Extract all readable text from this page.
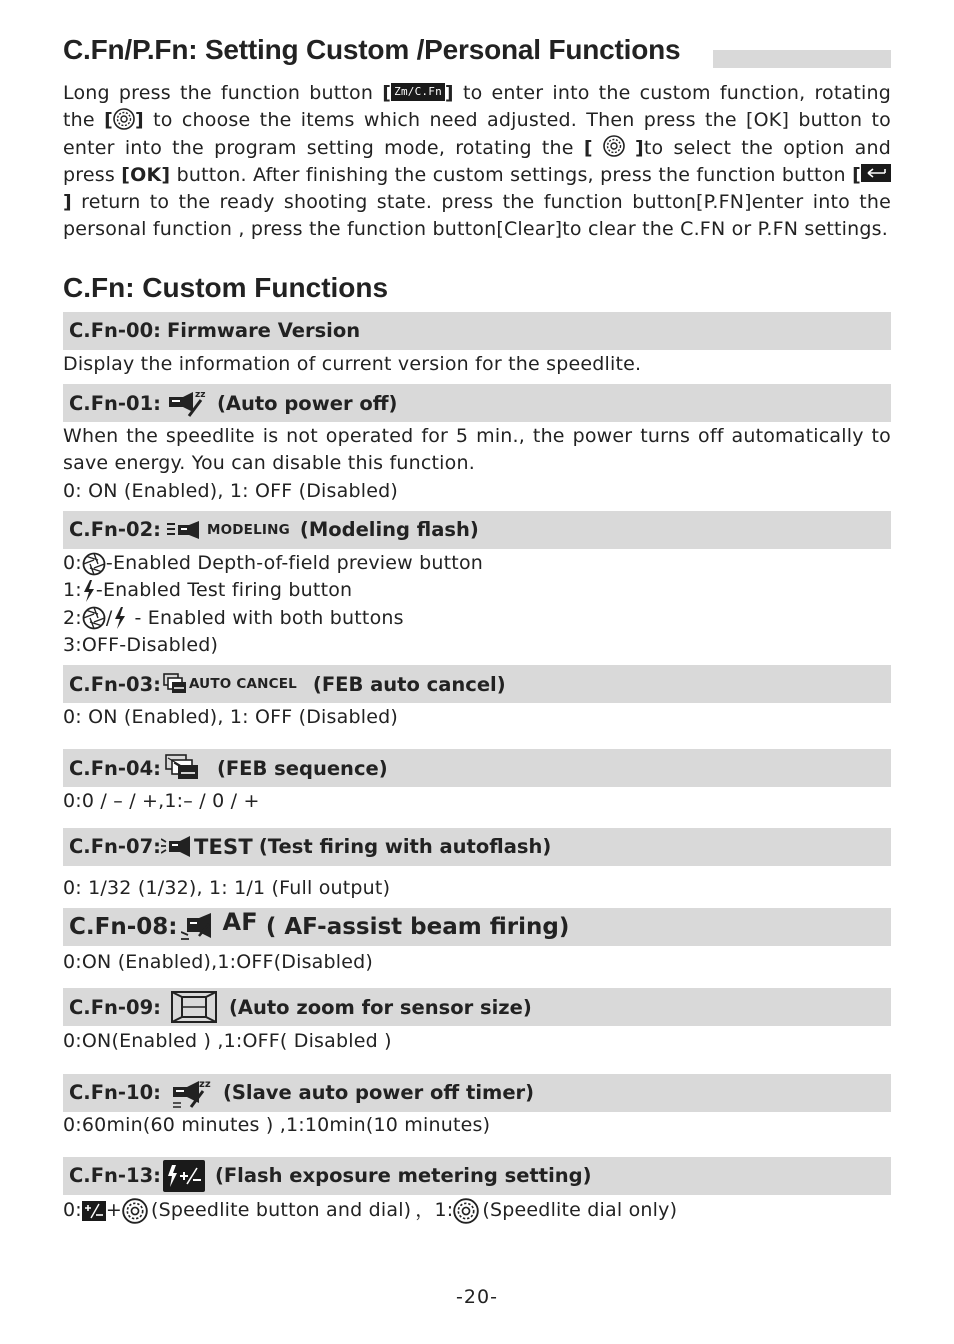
C.Fn/P.Fn: Setting Custom /Personal Functions
Long press the function button [ Zm/C.Fn ] to enter into the custom function, rotating the [ ] to choose the items which need adjusted. Then press the [OK] button to enter into the program setting mode, rotating the [ ]to select the option and press [OK] button. After finishing the custom settings, press the function button [] return to the ready shooting state. press the function button[P.FN]enter into the personal function , press the function button[Clear]to clear the C.FN or P.FN settings.
C.Fn: Custom Functions
C.Fn-00: Firmware Version

Display the information of current version for the speedlite.

C.Fn-01:	zz (Auto power off)

When the speedlite is not operated for 5 min., the power turns off automatically to save energy. You can disable this function.

0: ON (Enabled), 1: OFF (Disabled)

C.Fn-02:	MODELING (Modeling flash)
0: -Enabled Depth-of-field preview button
1: -Enabled Test firing button
2: / - Enabled with both buttons
3:OFF-Disabled)
C.Fn-03: AUTO CANCEL (FEB auto cancel)

0: ON (Enabled), 1: OFF (Disabled)

C.Fn-04:	(FEB sequence)

0:0 / – / +,1:– / 0 / +

C.Fn-07: TEST (Test firing with autoflash)

0: 1/32 (1/32), 1: 1/1 (Full output)

C.Fn-08: AF ( AF-assist beam firing)

0:ON (Enabled),1:OFF(Disabled)

C.Fn-09:	(Auto zoom for sensor size)

0:ON(Enabled ) ,1:OFF( Disabled )

C.Fn-10:	zz (Slave auto power off timer)

0:60min(60 minutes ) ,1:10min(10 minutes)

C.Fn-13:	(Flash exposure metering setting)
0: + (Speedlite button and dial) ，1: (Speedlite dial only)
-20-
